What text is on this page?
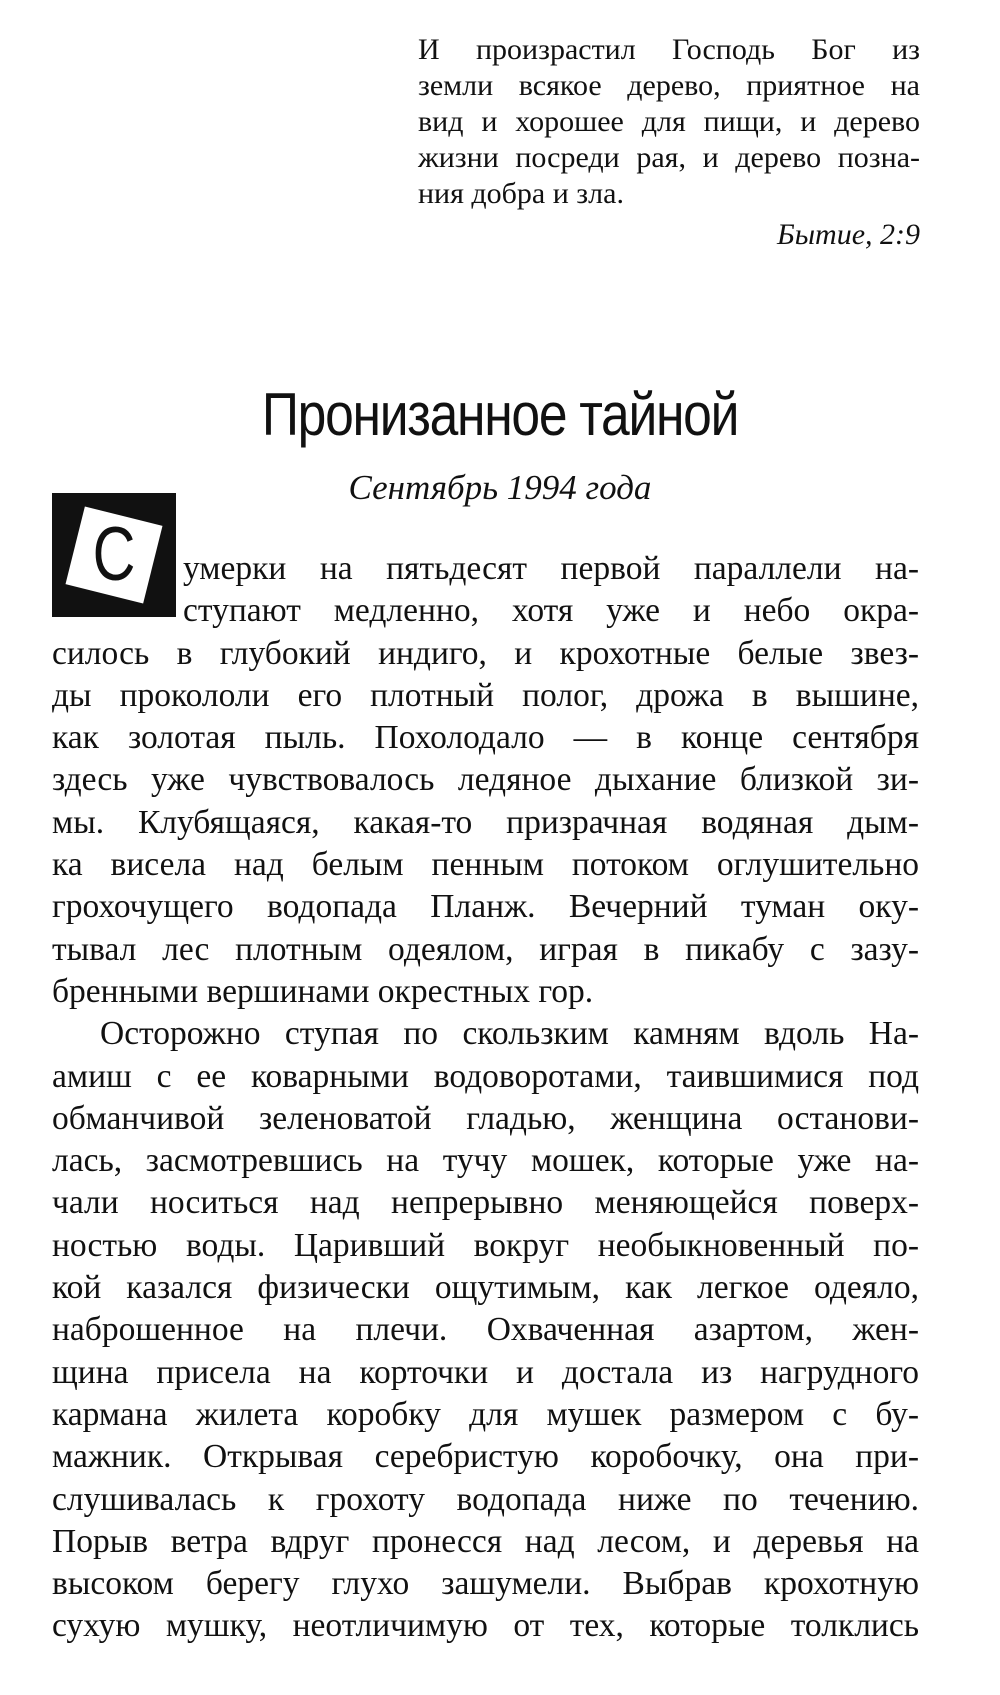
И произрастил Господь Бог из
земли всякое дерево, приятное на
вид и хорошее для пищи, и дерево
жизни посреди рая, и дерево позна-
ния добра и зла.
Бытие, 2:9
Пронизанное тайной
Сентябрь 1994 года
С	умерки на пятьдесят первой параллели на-
ступают медленно, хотя уже и небо окра-
силось в глубокий индиго, и крохотные белые звез-
ды прокололи его плотный полог, дрожа в вышине,
как золотая пыль. Похолодало — в конце сентября
здесь уже чувствовалось ледяное дыхание близкой зи-
мы. Клубящаяся, какая-то призрачная водяная дым-
ка висела над белым пенным потоком оглушительно
грохочущего водопада Планж. Вечерний туман оку-
тывал лес плотным одеялом, играя в пикабу с зазу-
бренными вершинами окрестных гор.
Осторожно ступая по скользким камням вдоль На-
амиш с ее коварными водоворотами, таившимися под
обманчивой зеленоватой гладью, женщина останови-
лась, засмотревшись на тучу мошек, которые уже на-
чали носиться над непрерывно меняющейся поверх-
ностью воды. Царивший вокруг необыкновенный по-
кой казался физически ощутимым, как легкое одеяло,
наброшенное на плечи. Охваченная азартом, жен-
щина присела на корточки и достала из нагрудного
кармана жилета коробку для мушек размером с бу-
мажник. Открывая серебристую коробочку, она при-
слушивалась к грохоту водопада ниже по течению.
Порыв ветра вдруг пронесся над лесом, и деревья на
высоком берегу глухо зашумели. Выбрав крохотную
сухую мушку, неотличимую от тех, которые толклись
